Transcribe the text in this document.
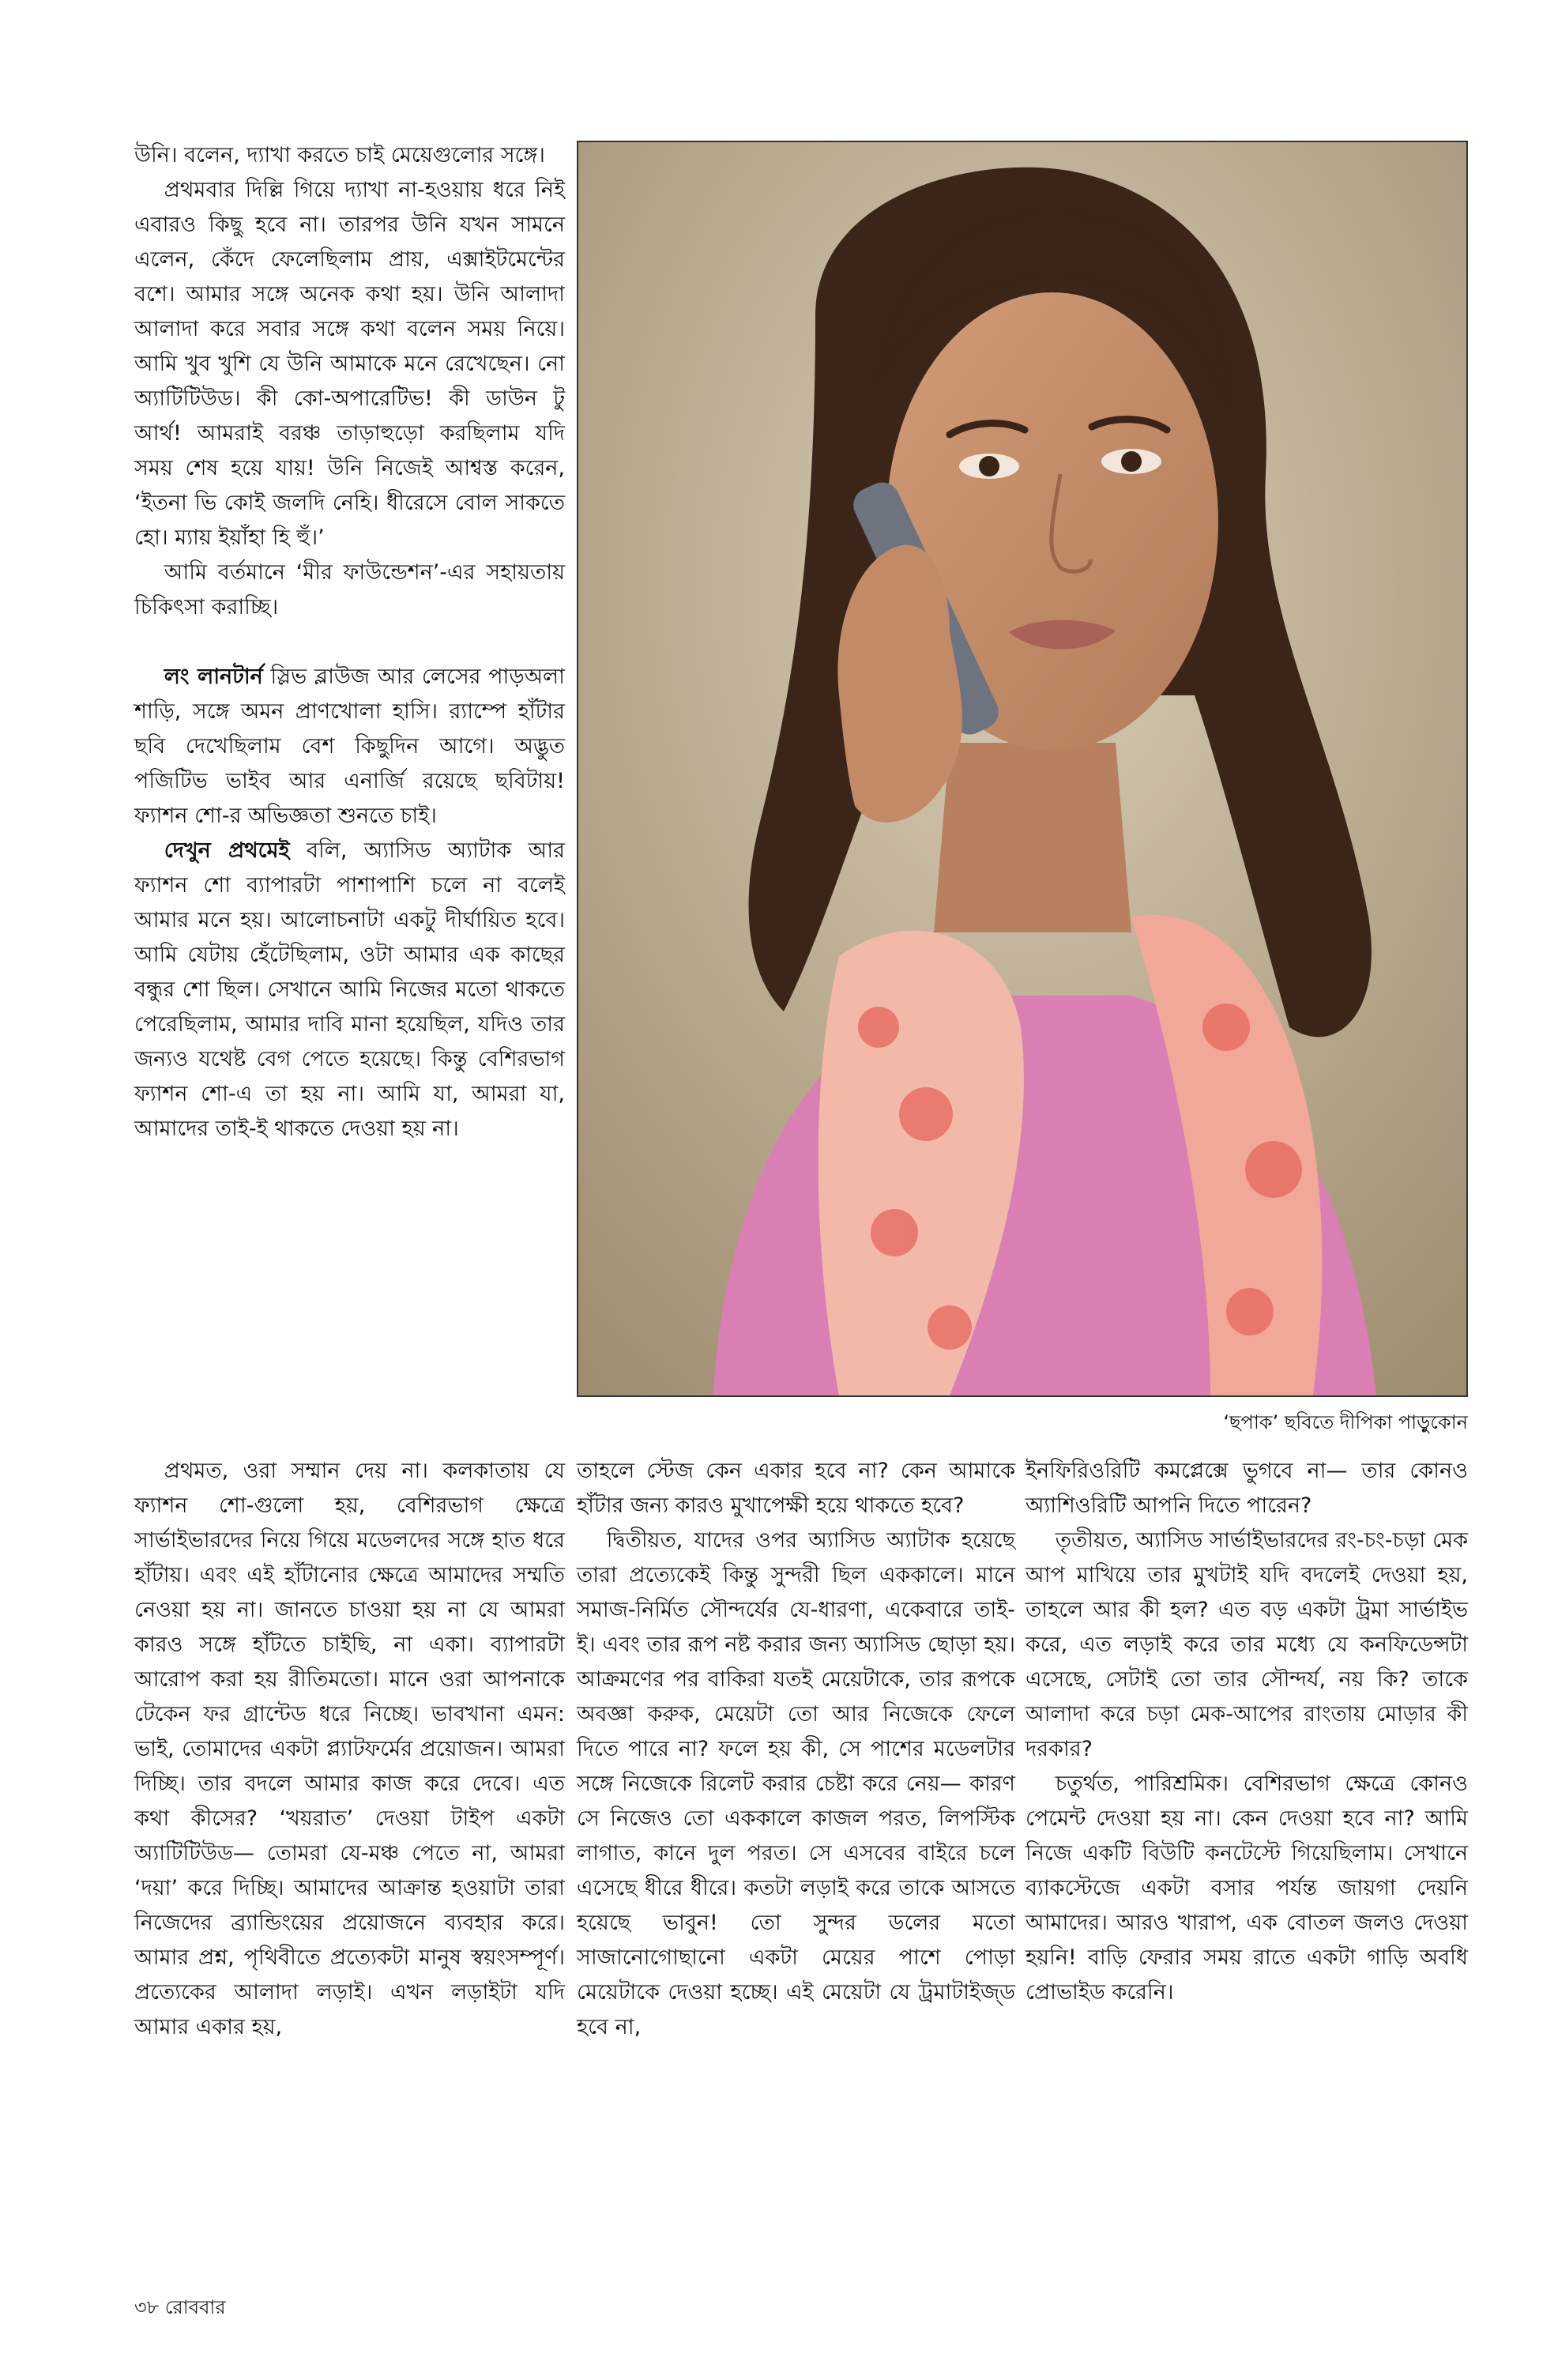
উনি। বলেন, দ্যাখা করতে চাই মেয়েগুলোর সঙ্গে।

প্রথমবার দিল্লি গিয়ে দ্যাখা না-হওয়ায় ধরে নিই এবারও কিছু হবে না। তারপর উনি যখন সামনে এলেন, কেঁদে ফেলেছিলাম প্রায়, এক্সাইটমেন্টের বশে। আমার সঙ্গে অনেক কথা হয়। উনি আলাদা আলাদা করে সবার সঙ্গে কথা বলেন সময় নিয়ে। আমি খুব খুশি যে উনি আমাকে মনে রেখেছেন। নো অ্যাটিটিউড। কী কো-অপারেটিভ! কী ডাউন টু আর্থ! আমরাই বরঞ্চ তাড়াহুড়ো করছিলাম যদি সময় শেষ হয়ে যায়! উনি নিজেই আশ্বস্ত করেন, ‘ইতনা ভি কোই জলদি নেহি। ধীরেসে বোল সাকতে হো। ম্যায় ইয়াঁহা হি হুঁ।’

আমি বর্তমানে ‘মীর ফাউন্ডেশন’-এর সহায়তায় চিকিৎসা করাচ্ছি।

লং লানটার্ন স্লিভ ব্লাউজ আর লেসের পাড়অলা শাড়ি, সঙ্গে অমন প্রাণখোলা হাসি। র‌্যাম্পে হাঁটার ছবি দেখেছিলাম বেশ কিছুদিন আগে। অদ্ভুত পজিটিভ ভাইব আর এনার্জি রয়েছে ছবিটায়! ফ্যাশন শো-র অভিজ্ঞতা শুনতে চাই।

দেখুন প্রথমেই বলি, অ্যাসিড অ্যাটাক আর ফ্যাশন শো ব্যাপারটা পাশাপাশি চলে না বলেই আমার মনে হয়। আলোচনাটা একটু দীর্ঘায়িত হবে। আমি যেটায় হেঁটেছিলাম, ওটা আমার এক কাছের বন্ধুর শো ছিল। সেখানে আমি নিজের মতো থাকতে পেরেছিলাম, আমার দাবি মানা হয়েছিল, যদিও তার জন্যও যথেষ্ট বেগ পেতে হয়েছে। কিন্তু বেশিরভাগ ফ্যাশন শো-এ তা হয় না। আমি যা, আমরা যা, আমাদের তাই-ই থাকতে দেওয়া হয় না।

‘ছপাক’ ছবিতে দীপিকা পাড়ুকোন

প্রথমত, ওরা সম্মান দেয় না। কলকাতায় যে ফ্যাশন শো-গুলো হয়, বেশিরভাগ ক্ষেত্রে সার্ভাইভারদের নিয়ে গিয়ে মডেলদের সঙ্গে হাত ধরে হাঁটায়। এবং এই হাঁটানোর ক্ষেত্রে আমাদের সম্মতি নেওয়া হয় না। জানতে চাওয়া হয় না যে আমরা কারও সঙ্গে হাঁটতে চাইছি, না একা। ব্যাপারটা আরোপ করা হয় রীতিমতো। মানে ওরা আপনাকে টেকেন ফর গ্রান্টেড ধরে নিচ্ছে। ভাবখানা এমন: ভাই, তোমাদের একটা প্ল্যাটফর্মের প্রয়োজন। আমরা দিচ্ছি। তার বদলে আমার কাজ করে দেবে। এত কথা কীসের? ‘খয়রাত’ দেওয়া টাইপ একটা অ্যাটিটিউড— তোমরা যে-মঞ্চ পেতে না, আমরা ‘দয়া’ করে দিচ্ছি। আমাদের আক্রান্ত হওয়াটা তারা নিজেদের ব্র্যান্ডিংয়ের প্রয়োজনে ব্যবহার করে। আমার প্রশ্ন, পৃথিবীতে প্রত্যেকটা মানুষ স্বয়ংসম্পূর্ণ। প্রত্যেকের আলাদা লড়াই। এখন লড়াইটা যদি আমার একার হয়,

তাহলে স্টেজ কেন একার হবে না? কেন আমাকে হাঁটার জন্য কারও মুখাপেক্ষী হয়ে থাকতে হবে?

দ্বিতীয়ত, যাদের ওপর অ্যাসিড অ্যাটাক হয়েছে তারা প্রত্যেকেই কিন্তু সুন্দরী ছিল এককালে। মানে সমাজ-নির্মিত সৌন্দর্যের যে-ধারণা, একেবারে তাই-ই। এবং তার রূপ নষ্ট করার জন্য অ্যাসিড ছোড়া হয়। আক্রমণের পর বাকিরা যতই মেয়েটাকে, তার রূপকে অবজ্ঞা করুক, মেয়েটা তো আর নিজেকে ফেলে দিতে পারে না? ফলে হয় কী, সে পাশের মডেলটার সঙ্গে নিজেকে রিলেট করার চেষ্টা করে নেয়— কারণ সে নিজেও তো এককালে কাজল পরত, লিপস্টিক লাগাত, কানে দুল পরত। সে এসবের বাইরে চলে এসেছে ধীরে ধীরে। কতটা লড়াই করে তাকে আসতে হয়েছে ভাবুন! তো সুন্দর ডলের মতো সাজানোগোছানো একটা মেয়ের পাশে পোড়া মেয়েটাকে দেওয়া হচ্ছে। এই মেয়েটা যে ট্রমাটাইজ্‌ড হবে না,

ইনফিরিওরিটি কমপ্লেক্সে ভুগবে না— তার কোনও অ্যাশিওরিটি আপনি দিতে পারেন?

তৃতীয়ত, অ্যাসিড সার্ভাইভারদের রং-চং-চড়া মেক আপ মাখিয়ে তার মুখটাই যদি বদলেই দেওয়া হয়, তাহলে আর কী হল? এত বড় একটা ট্রমা সার্ভাইভ করে, এত লড়াই করে তার মধ্যে যে কনফিডেন্সটা এসেছে, সেটাই তো তার সৌন্দর্য, নয় কি? তাকে আলাদা করে চড়া মেক-আপের রাংতায় মোড়ার কী দরকার?

চতুর্থত, পারিশ্রমিক। বেশিরভাগ ক্ষেত্রে কোনও পেমেন্ট দেওয়া হয় না। কেন দেওয়া হবে না? আমি নিজে একটি বিউটি কনটেস্টে গিয়েছিলাম। সেখানে ব্যাকস্টেজে একটা বসার পর্যন্ত জায়গা দেয়নি আমাদের। আরও খারাপ, এক বোতল জলও দেওয়া হয়নি! বাড়ি ফেরার সময় রাতে একটা গাড়ি অবধি প্রোভাইড করেনি।

৩৮ রোববার
